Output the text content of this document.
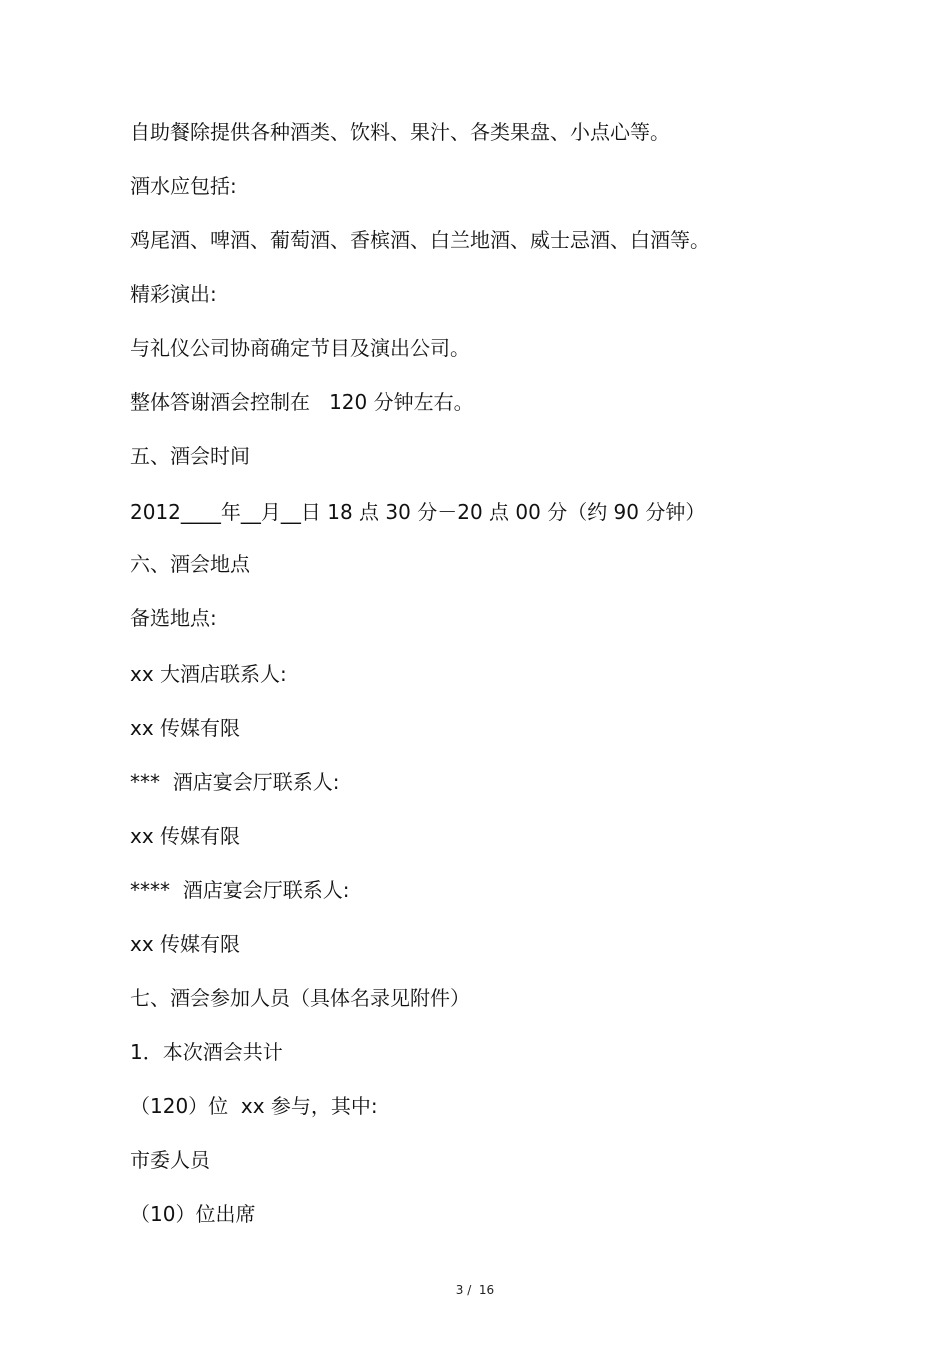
自助餐除提供各种酒类、饮料、果汁、各类果盘、小点心等。
酒水应包括:
鸡尾酒、啤酒、葡萄酒、香槟酒、白兰地酒、威士忌酒、白酒等。
精彩演出:
与礼仪公司协商确定节目及演出公司。
整体答谢酒会控制在   120 分钟左右。
五、酒会时间
2012____年__月__日 18 点 30 分－20 点 00 分（约 90 分钟）
六、酒会地点
备选地点:
xx 大酒店联系人:
xx 传媒有限
***  酒店宴会厅联系人:
xx 传媒有限
****  酒店宴会厅联系人:
xx 传媒有限
七、酒会参加人员（具体名录见附件）
1．本次酒会共计
（120）位  xx 参与，其中:
市委人员
（10）位出席
3 /  16
